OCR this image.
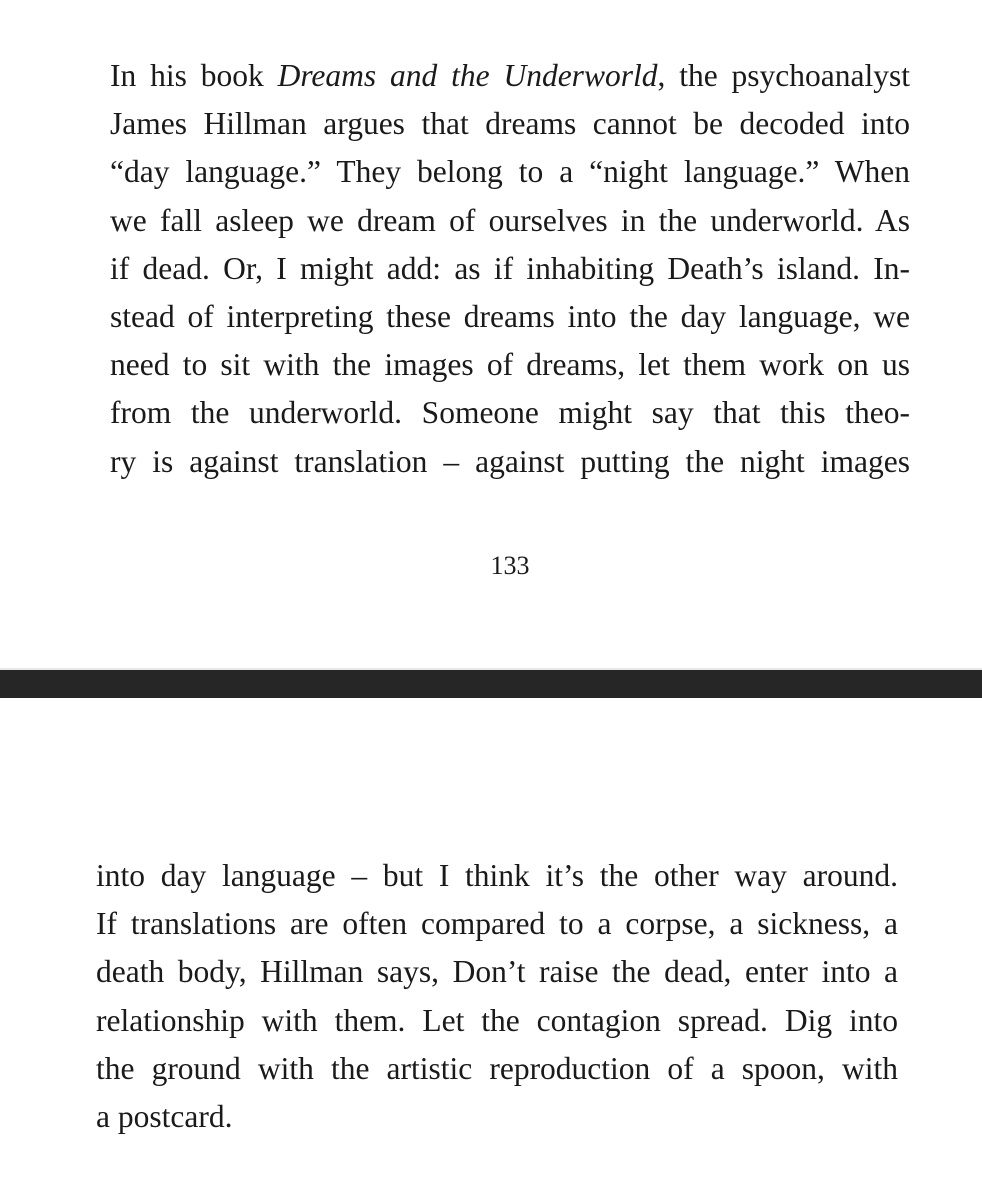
In his book Dreams and the Underworld, the psychoanalyst
James Hillman argues that dreams cannot be decoded into
“day language.” They belong to a “night language.” When
we fall asleep we dream of ourselves in the underworld. As
if dead. Or, I might add: as if inhabiting Death’s island. In-
stead of interpreting these dreams into the day language, we
need to sit with the images of dreams, let them work on us
from the underworld. Someone might say that this theo-
ry is against translation – against putting the night images
133
into day language – but I think it’s the other way around.
If translations are often compared to a corpse, a sickness, a
death body, Hillman says, Don’t raise the dead, enter into a
relationship with them. Let the contagion spread. Dig into
the ground with the artistic reproduction of a spoon, with
a postcard.
